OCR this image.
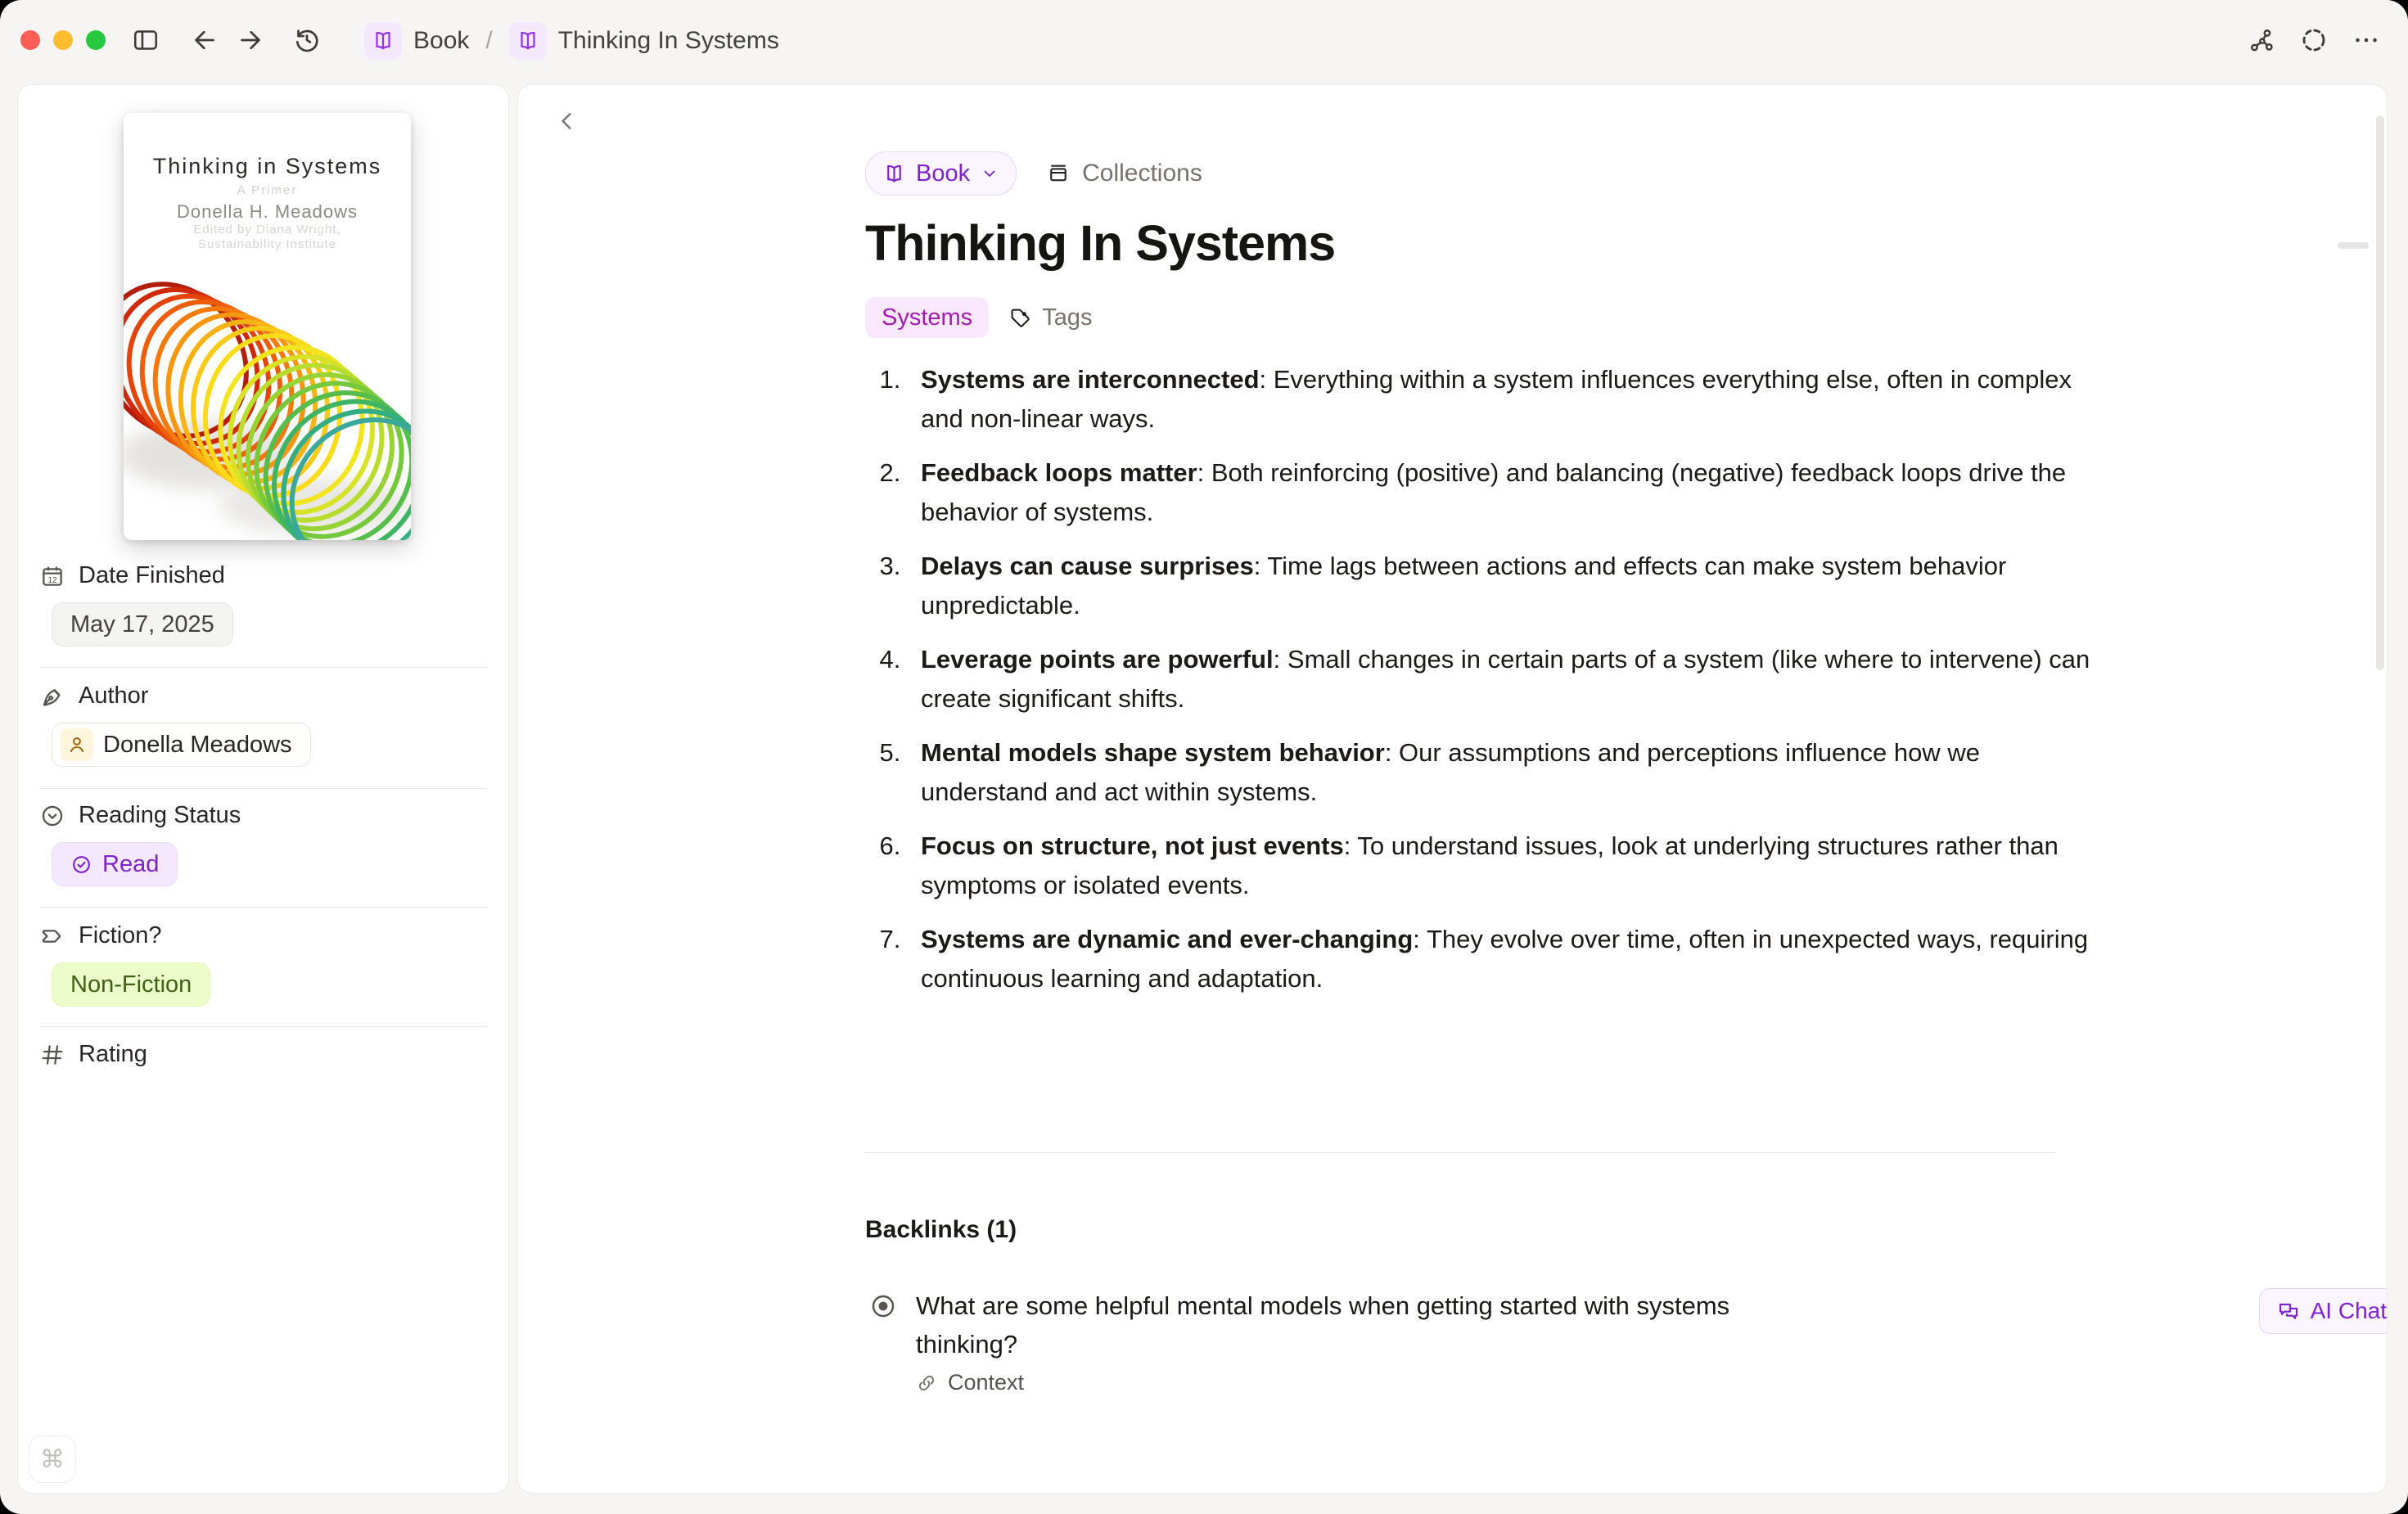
Book /	Thinking In Systems
Thinking in Systems
A Primer
Donella H. Meadows
Edited by Diana Wright,
Sustainability Institute
12 Date Finished
May 17, 2025
Author
Donella Meadows
Reading Status
Read
Fiction?
Non-Fiction
Rating
⌘
Book	Collections
Thinking In Systems
Systems	Tags
1. Systems are interconnected: Everything within a system influences everything else, often in complex and non-linear ways.
2. Feedback loops matter: Both reinforcing (positive) and balancing (negative) feedback loops drive the behavior of systems.
3. Delays can cause surprises: Time lags between actions and effects can make system behavior unpredictable.
4. Leverage points are powerful: Small changes in certain parts of a system (like where to intervene) can create significant shifts.
5. Mental models shape system behavior: Our assumptions and perceptions influence how we understand and act within systems.
6. Focus on structure, not just events: To understand issues, look at underlying structures rather than symptoms or isolated events.
7. Systems are dynamic and ever-changing: They evolve over time, often in unexpected ways, requiring continuous learning and adaptation.
Backlinks (1)
What are some helpful mental models when getting started with systems thinking?
AI Chat
Context
